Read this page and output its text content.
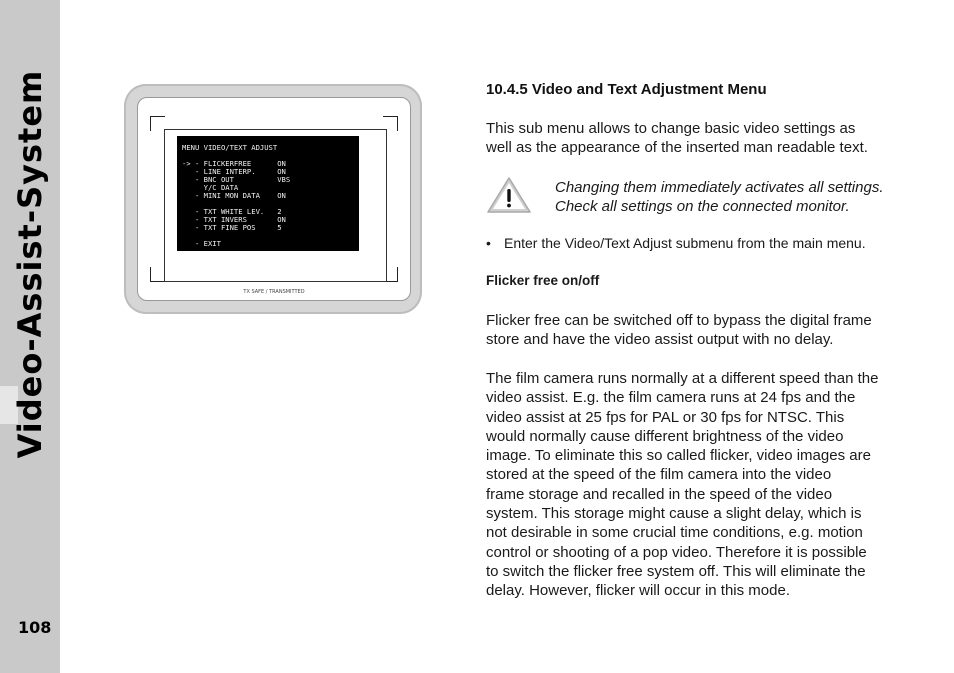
Video-Assist-System
108
MENU VIDEO/TEXT ADJUST
-> - FLICKERFREE      ON
- LINE INTERP.     ON
- BNC OUT          VBS
Y/C DATA
- MINI MON DATA    ON
- TXT WHITE LEV.   2
- TXT INVERS       ON
- TXT FINE POS     5
- EXIT
TX SAFE / TRANSMITTED
10.4.5 Video and Text Adjustment Menu
This sub menu allows to change basic video settings as
well as the appearance of the inserted man readable text.
Changing them immediately activates all settings.
Check all settings on the connected monitor.
• Enter the Video/Text Adjust submenu from the main menu.
Flicker free on/off
Flicker free can be switched off to bypass the digital frame
store and have the video assist output with no delay.
The film camera runs normally at a different speed than the
video assist. E.g. the film camera runs at 24 fps and the
video assist at 25 fps for PAL or 30 fps for NTSC. This
would normally cause different brightness of the video
image. To eliminate this so called flicker, video images are
stored at the speed of the film camera into the video
frame storage and recalled in the speed of the video
system. This storage might cause a slight delay, which is
not desirable in some crucial time conditions, e.g. motion
control or shooting of a pop video. Therefore it is possible
to switch the flicker free system off. This will eliminate the
delay. However, flicker will occur in this mode.
